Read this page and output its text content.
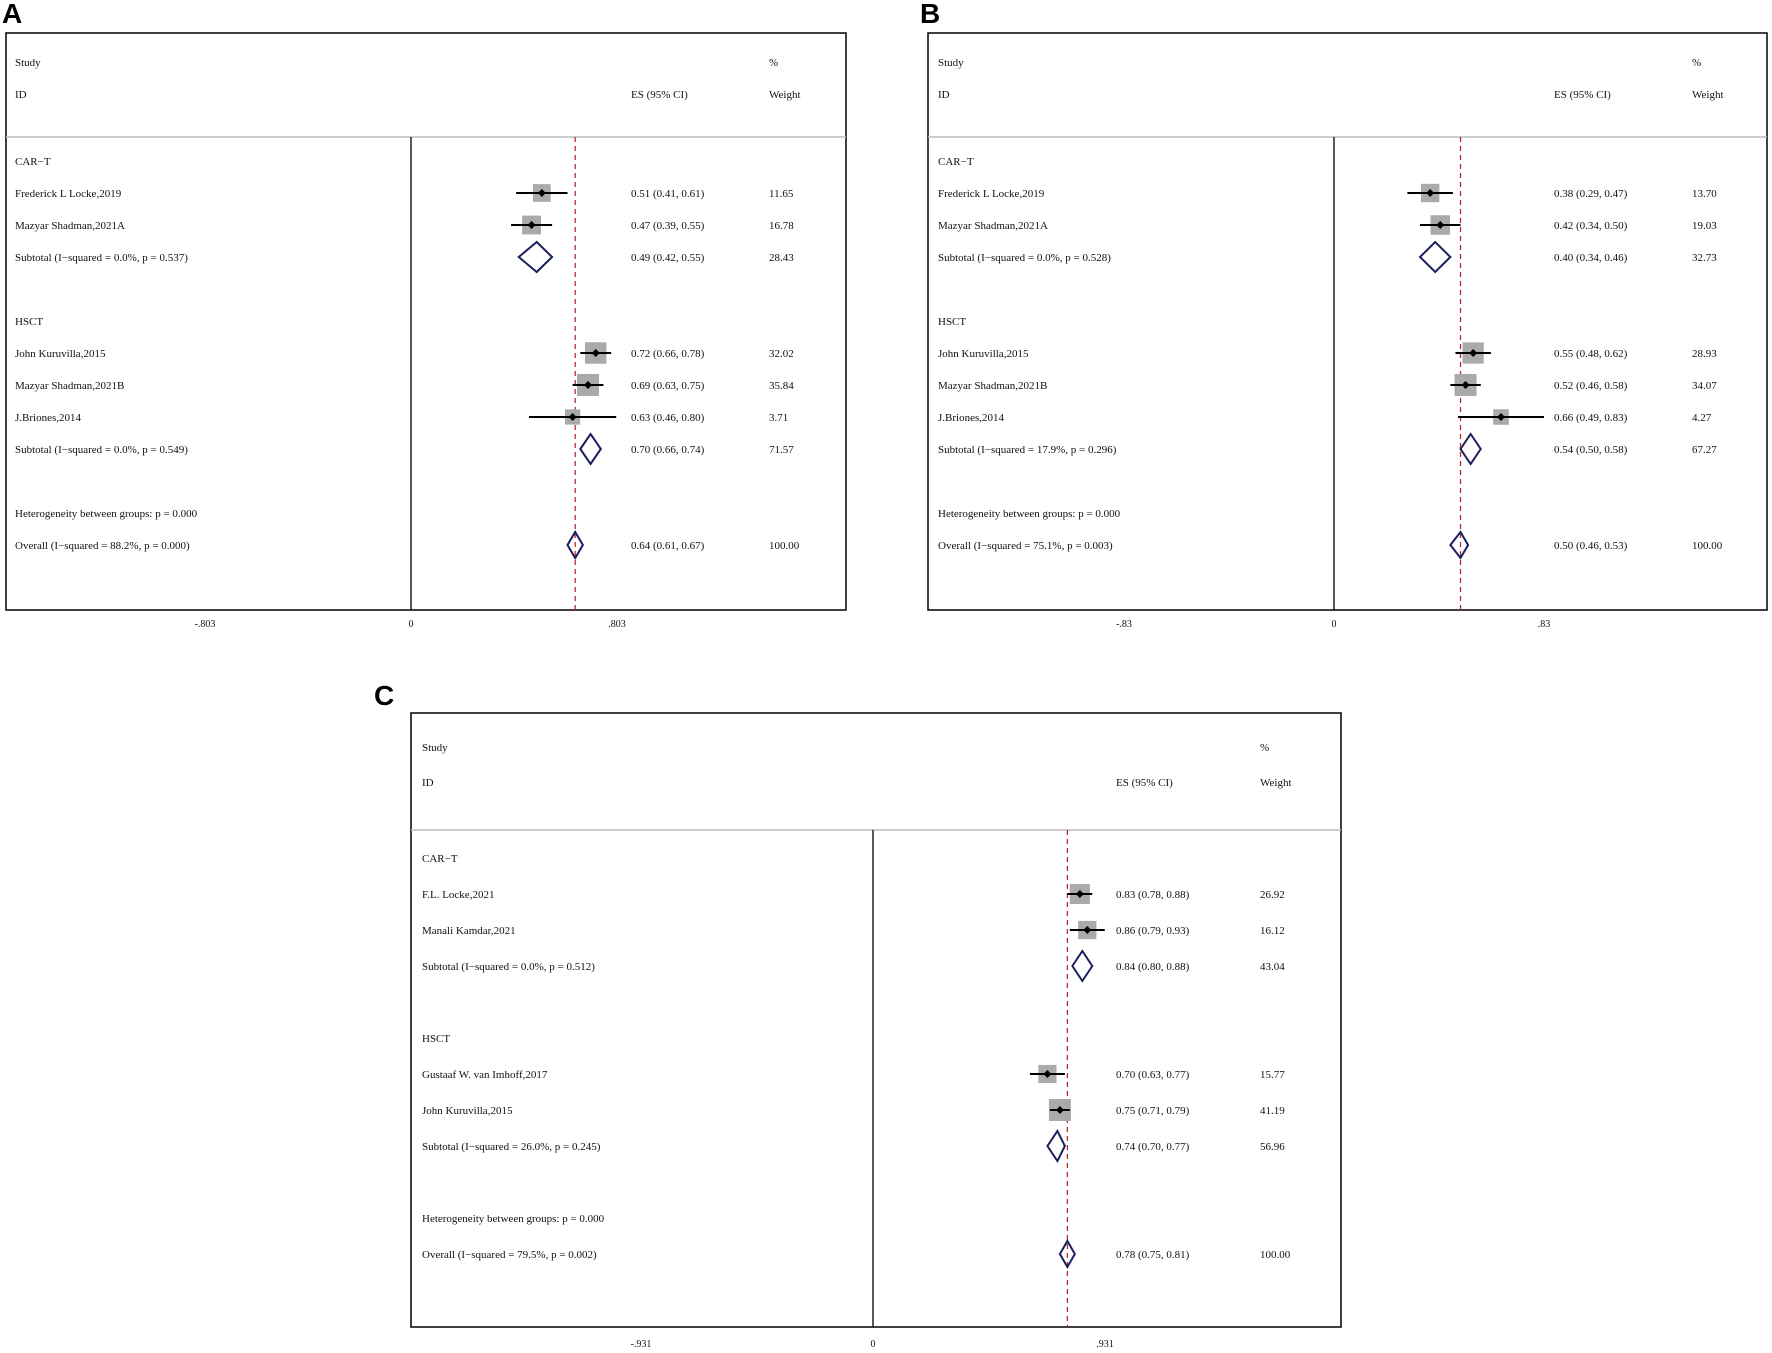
A	B
C
Study
ID	ES (95% CI)
%
Weight
-.803	0	.803
CAR−T
Frederick L Locke,2019	0.51 (0.41, 0.61)	11.65
Mazyar Shadman,2021A	0.47 (0.39, 0.55)	16.78
Subtotal (I−squared = 0.0%, p = 0.537)	0.49 (0.42, 0.55)	28.43
HSCT
John Kuruvilla,2015	0.72 (0.66, 0.78)	32.02
Mazyar Shadman,2021B	0.69 (0.63, 0.75)	35.84
J.Briones,2014	0.63 (0.46, 0.80)	3.71
Subtotal (I−squared = 0.0%, p = 0.549)	0.70 (0.66, 0.74)	71.57
Heterogeneity between groups: p = 0.000
Overall (I−squared = 88.2%, p = 0.000)	0.64 (0.61, 0.67)	100.00
Study
ID	ES (95% CI)
%
Weight
-.83	0	.83
CAR−T
Frederick L Locke,2019	0.38 (0.29, 0.47)	13.70
Mazyar Shadman,2021A	0.42 (0.34, 0.50)	19.03
Subtotal (I−squared = 0.0%, p = 0.528)	0.40 (0.34, 0.46)	32.73
HSCT
John Kuruvilla,2015	0.55 (0.48, 0.62)	28.93
Mazyar Shadman,2021B	0.52 (0.46, 0.58)	34.07
J.Briones,2014	0.66 (0.49, 0.83)	4.27
Subtotal (I−squared = 17.9%, p = 0.296)	0.54 (0.50, 0.58)	67.27
Heterogeneity between groups: p = 0.000
Overall (I−squared = 75.1%, p = 0.003)	0.50 (0.46, 0.53)	100.00
Study
ID	ES (95% CI)
%
Weight
-.931	0	.931
CAR−T
F.L. Locke,2021	0.83 (0.78, 0.88)	26.92
Manali Kamdar,2021	0.86 (0.79, 0.93)	16.12
Subtotal (I−squared = 0.0%, p = 0.512)	0.84 (0.80, 0.88)	43.04
HSCT
Gustaaf W. van Imhoff,2017	0.70 (0.63, 0.77)	15.77
John Kuruvilla,2015	0.75 (0.71, 0.79)	41.19
Subtotal (I−squared = 26.0%, p = 0.245)	0.74 (0.70, 0.77)	56.96
Heterogeneity between groups: p = 0.000
Overall (I−squared = 79.5%, p = 0.002)	0.78 (0.75, 0.81)	100.00
